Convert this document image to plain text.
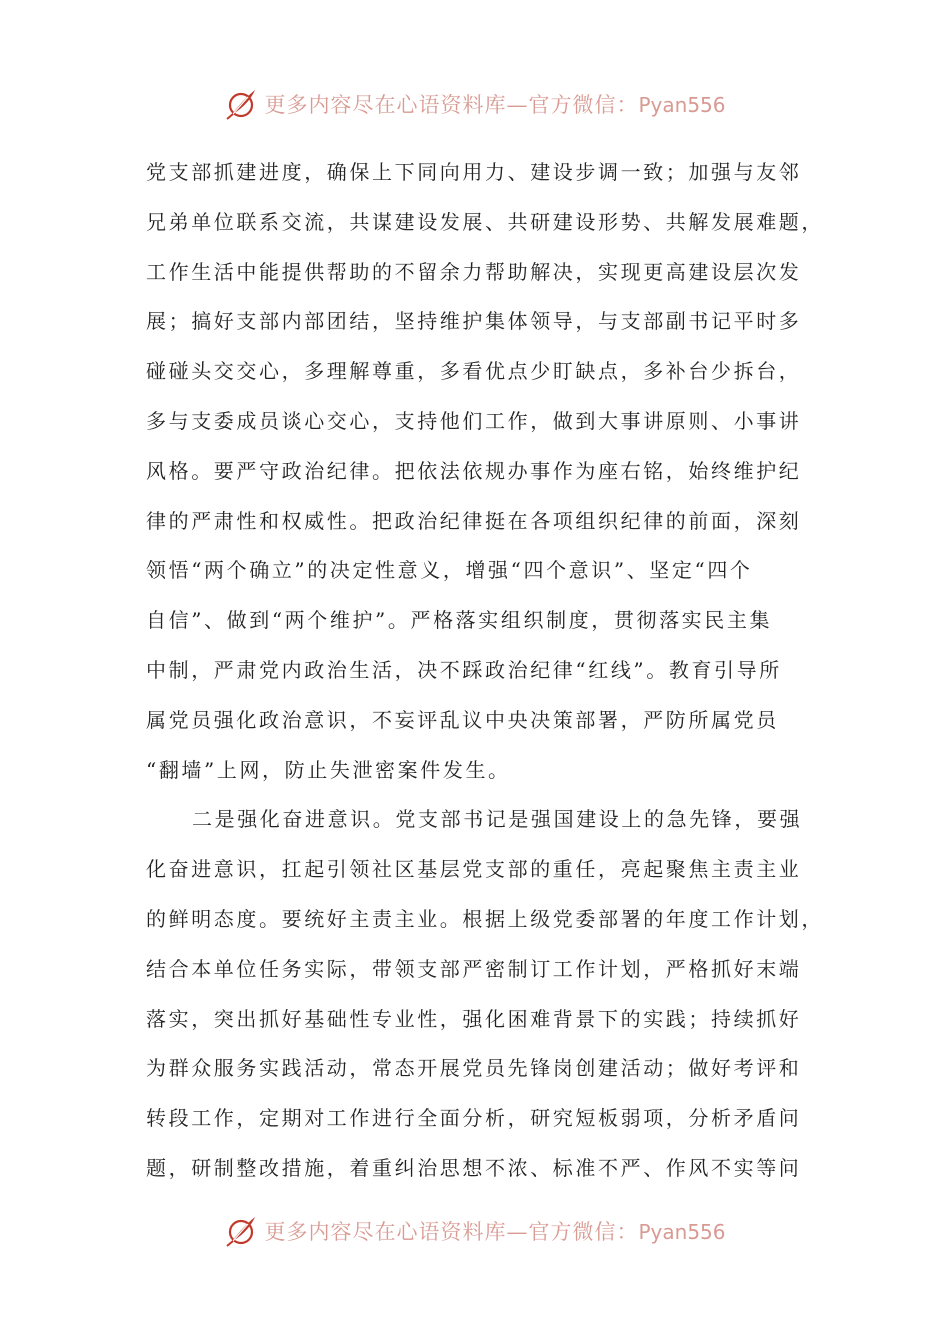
更多内容尽在心语资料库—官方微信：Pyan556
党支部抓建进度，确保上下同向用力、建设步调一致；加强与友邻
兄弟单位联系交流，共谋建设发展、共研建设形势、共解发展难题，
工作生活中能提供帮助的不留余力帮助解决，实现更高建设层次发
展；搞好支部内部团结，坚持维护集体领导，与支部副书记平时多
碰碰头交交心，多理解尊重，多看优点少盯缺点，多补台少拆台，
多与支委成员谈心交心，支持他们工作，做到大事讲原则、小事讲
风格。要严守政治纪律。把依法依规办事作为座右铭，始终维护纪
律的严肃性和权威性。把政治纪律挺在各项组织纪律的前面，深刻
领悟“两个确立”的决定性意义，增强“四个意识”、坚定“四个
自信”、做到“两个维护”。严格落实组织制度，贯彻落实民主集
中制，严肃党内政治生活，决不踩政治纪律“红线”。教育引导所
属党员强化政治意识，不妄评乱议中央决策部署，严防所属党员
“翻墙”上网，防止失泄密案件发生。
二是强化奋进意识。党支部书记是强国建设上的急先锋，要强
化奋进意识，扛起引领社区基层党支部的重任，亮起聚焦主责主业
的鲜明态度。要统好主责主业。根据上级党委部署的年度工作计划，
结合本单位任务实际，带领支部严密制订工作计划，严格抓好末端
落实，突出抓好基础性专业性，强化困难背景下的实践；持续抓好
为群众服务实践活动，常态开展党员先锋岗创建活动；做好考评和
转段工作，定期对工作进行全面分析，研究短板弱项，分析矛盾问
题，研制整改措施，着重纠治思想不浓、标准不严、作风不实等问
更多内容尽在心语资料库—官方微信：Pyan556
